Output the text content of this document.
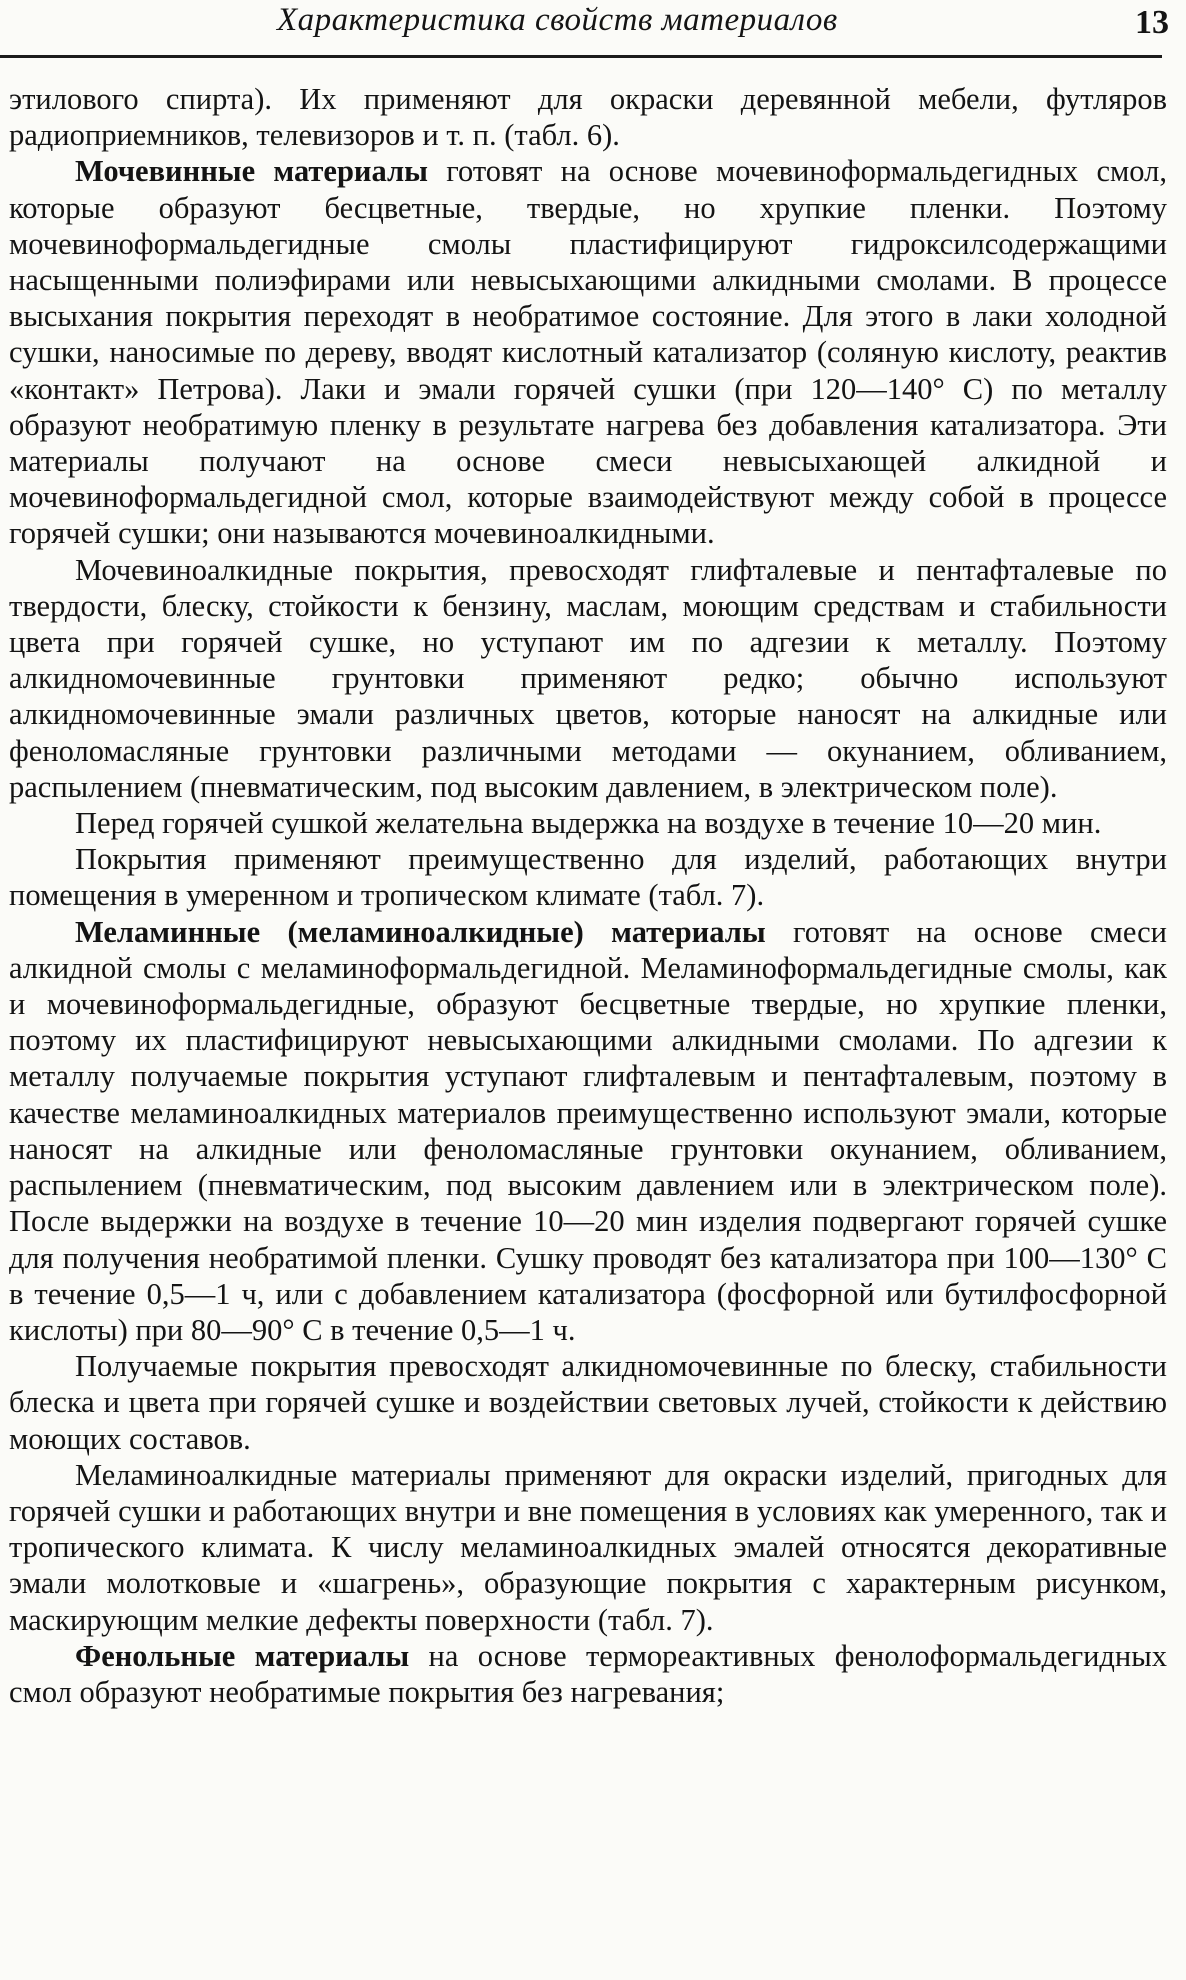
Характеристика свойств материалов	13

этилового спирта). Их применяют для окраски деревянной мебели, футляров радиоприемников, телевизоров и т. п. (табл. 6).

Мочевинные материалы готовят на основе мочевиноформальдегидных смол, которые образуют бесцветные, твердые, но хрупкие пленки. Поэтому мочевиноформальдегидные смолы пластифицируют гидроксилсодержащими насыщенными полиэфирами или невысыхающими алкидными смолами. В процессе высыхания покрытия переходят в необратимое состояние. Для этого в лаки холодной сушки, наносимые по дереву, вводят кислотный катализатор (соляную кислоту, реактив «контакт» Петрова). Лаки и эмали горячей сушки (при 120—140° С) по металлу образуют необратимую пленку в результате нагрева без добавления катализатора. Эти материалы получают на основе смеси невысыхающей алкидной и мочевиноформальдегидной смол, которые взаимодействуют между собой в процессе горячей сушки; они называются мочевиноалкидными.

Мочевиноалкидные покрытия, превосходят глифталевые и пентафталевые по твердости, блеску, стойкости к бензину, маслам, моющим средствам и стабильности цвета при горячей сушке, но уступают им по адгезии к металлу. Поэтому алкидномочевинные грунтовки применяют редко; обычно используют алкидномочевинные эмали различных цветов, которые наносят на алкидные или феноломасляные грунтовки различными методами — окунанием, обливанием, распылением (пневматическим, под высоким давлением, в электрическом поле).

Перед горячей сушкой желательна выдержка на воздухе в течение 10—20 мин.

Покрытия применяют преимущественно для изделий, работающих внутри помещения в умеренном и тропическом климате (табл. 7).

Меламинные (меламиноалкидные) материалы готовят на основе смеси алкидной смолы с меламиноформальдегидной. Меламиноформальдегидные смолы, как и мочевиноформальдегидные, образуют бесцветные твердые, но хрупкие пленки, поэтому их пластифицируют невысыхающими алкидными смолами. По адгезии к металлу получаемые покрытия уступают глифталевым и пентафталевым, поэтому в качестве меламиноалкидных материалов преимущественно используют эмали, которые наносят на алкидные или феноломасляные грунтовки окунанием, обливанием, распылением (пневматическим, под высоким давлением или в электрическом поле). После выдержки на воздухе в течение 10—20 мин изделия подвергают горячей сушке для получения необратимой пленки. Сушку проводят без катализатора при 100—130° С в течение 0,5—1 ч, или с добавлением катализатора (фосфорной или бутилфосфорной кислоты) при 80—90° С в течение 0,5—1 ч.

Получаемые покрытия превосходят алкидномочевинные по блеску, стабильности блеска и цвета при горячей сушке и воздействии световых лучей, стойкости к действию моющих составов.

Меламиноалкидные материалы применяют для окраски изделий, пригодных для горячей сушки и работающих внутри и вне помещения в условиях как умеренного, так и тропического климата. К числу меламиноалкидных эмалей относятся декоративные эмали молотковые и «шагрень», образующие покрытия с характерным рисунком, маскирующим мелкие дефекты поверхности (табл. 7).

Фенольные материалы на основе термореактивных фенолоформальдегидных смол образуют необратимые покрытия без нагревания;
